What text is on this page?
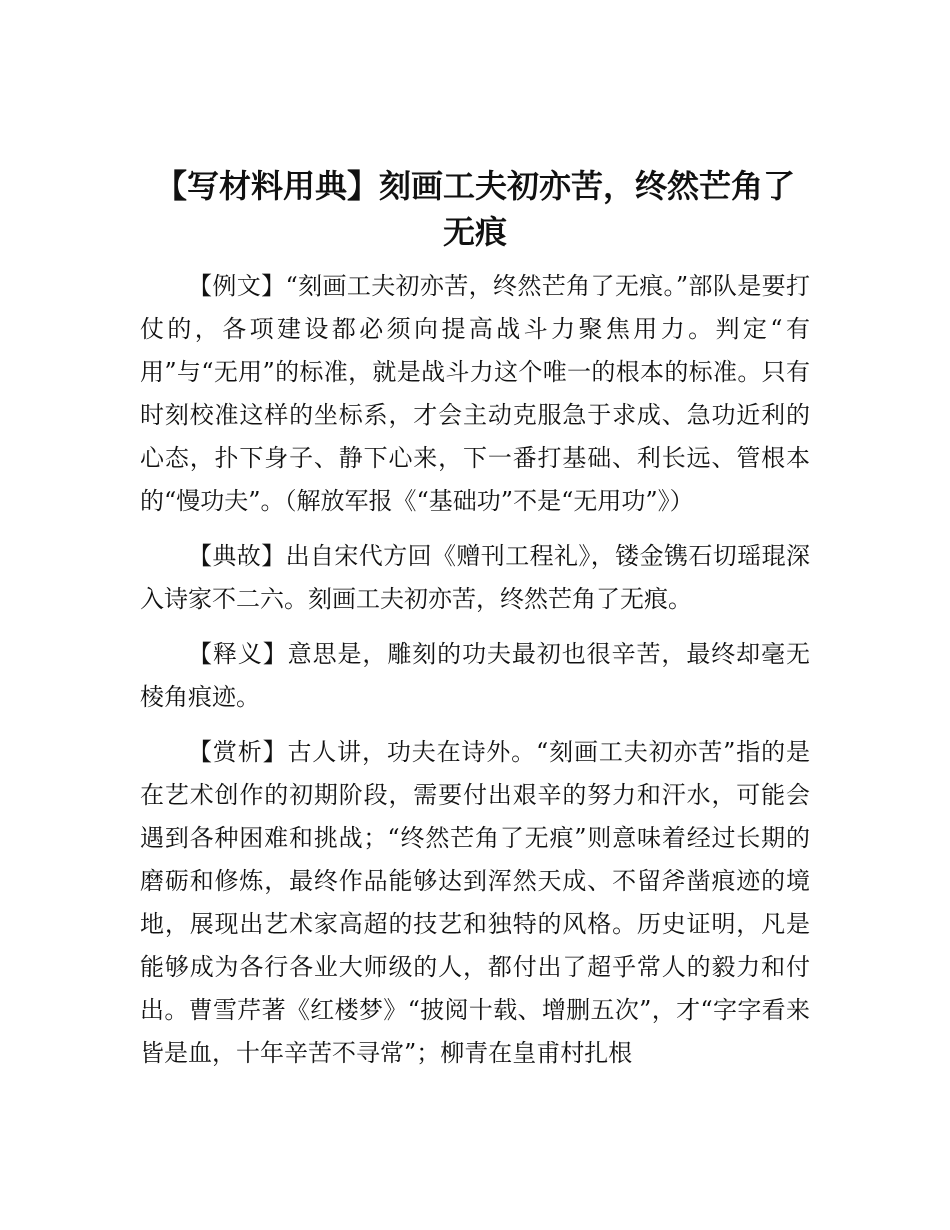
【写材料用典】刻画工夫初亦苦，终然芒角了无痕

【例文】“刻画工夫初亦苦，终然芒角了无痕。”部队是要打仗的，各项建设都必须向提高战斗力聚焦用力。判定“有用”与“无用”的标准，就是战斗力这个唯一的根本的标准。只有时刻校准这样的坐标系，才会主动克服急于求成、急功近利的心态，扑下身子、静下心来，下一番打基础、利长远、管根本的“慢功夫”。（解放军报《“基础功”不是“无用功”》）

【典故】出自宋代方回《赠刊工程礼》，镂金镌石切瑶琨深入诗家不二六。刻画工夫初亦苦，终然芒角了无痕。

【释义】意思是，雕刻的功夫最初也很辛苦，最终却毫无棱角痕迹。

【赏析】古人讲，功夫在诗外。“刻画工夫初亦苦”指的是在艺术创作的初期阶段，需要付出艰辛的努力和汗水，可能会遇到各种困难和挑战；“终然芒角了无痕”则意味着经过长期的磨砺和修炼，最终作品能够达到浑然天成、不留斧凿痕迹的境地，展现出艺术家高超的技艺和独特的风格。历史证明，凡是能够成为各行各业大师级的人，都付出了超乎常人的毅力和付出。曹雪芹著《红楼梦》“披阅十载、增删五次”，才“字字看来皆是血，十年辛苦不寻常”；柳青在皇甫村扎根
